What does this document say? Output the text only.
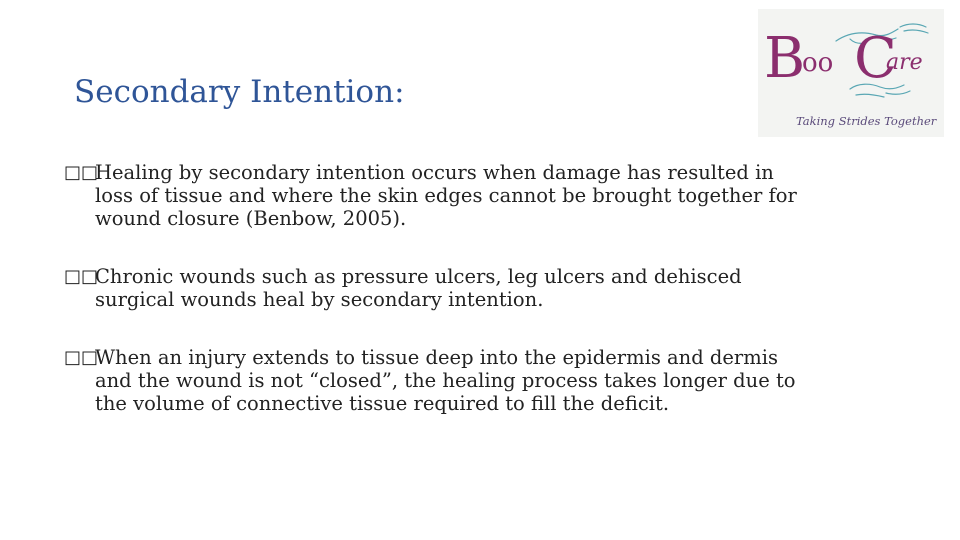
Secondary Intention:
B
oo C
are
Taking Strides Together
□□
Healing by secondary intention occurs when damage has resulted in
loss of tissue and where the skin edges cannot be brought together for
wound closure (Benbow, 2005).
□□
Chronic wounds such as pressure ulcers, leg ulcers and dehisced
surgical wounds heal by secondary intention.
□□
When an injury extends to tissue deep into the epidermis and dermis
and the wound is not “closed”, the healing process takes longer due to
the volume of connective tissue required to fill the deficit.
